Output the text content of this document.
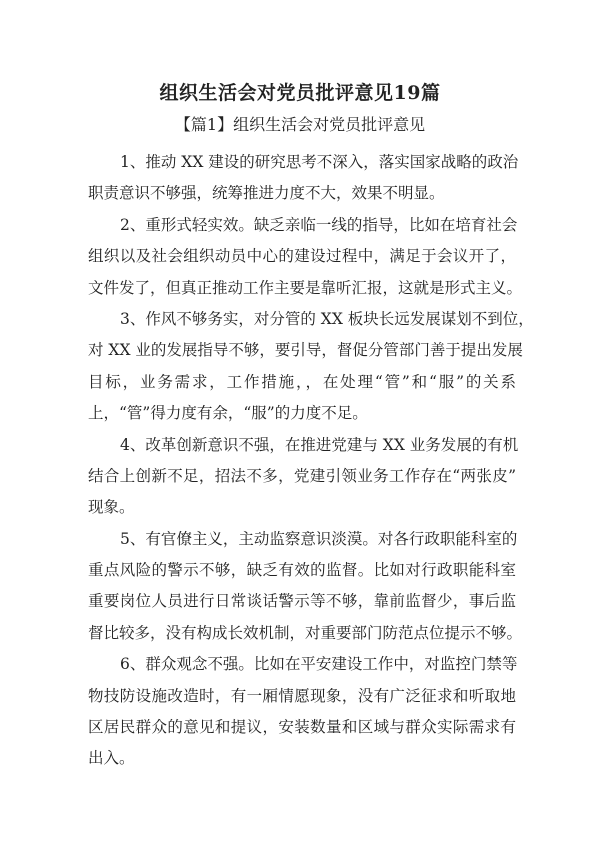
组织生活会对党员批评意见19篇
【篇1】组织生活会对党员批评意见
1、推动 XX 建设的研究思考不深入，落实国家战略的政治
职责意识不够强，统筹推进力度不大，效果不明显。
2、重形式轻实效。缺乏亲临一线的指导，比如在培育社会
组织以及社会组织动员中心的建设过程中，满足于会议开了，
文件发了，但真正推动工作主要是靠听汇报，这就是形式主义。
3、作风不够务实，对分管的 XX 板块长远发展谋划不到位，
对 XX 业的发展指导不够，要引导，督促分管部门善于提出发展
目标，业务需求，工作措施，，在处理“管”和“服”的关系
上，“管”得力度有余，“服”的力度不足。
4、改革创新意识不强，在推进党建与 XX 业务发展的有机
结合上创新不足，招法不多，党建引领业务工作存在“两张皮”
现象。
5、有官僚主义，主动监察意识淡漠。对各行政职能科室的
重点风险的警示不够，缺乏有效的监督。比如对行政职能科室
重要岗位人员进行日常谈话警示等不够，靠前监督少，事后监
督比较多，没有构成长效机制，对重要部门防范点位提示不够。
6、群众观念不强。比如在平安建设工作中，对监控门禁等
物技防设施改造时，有一厢情愿现象，没有广泛征求和听取地
区居民群众的意见和提议，安装数量和区域与群众实际需求有
出入。
